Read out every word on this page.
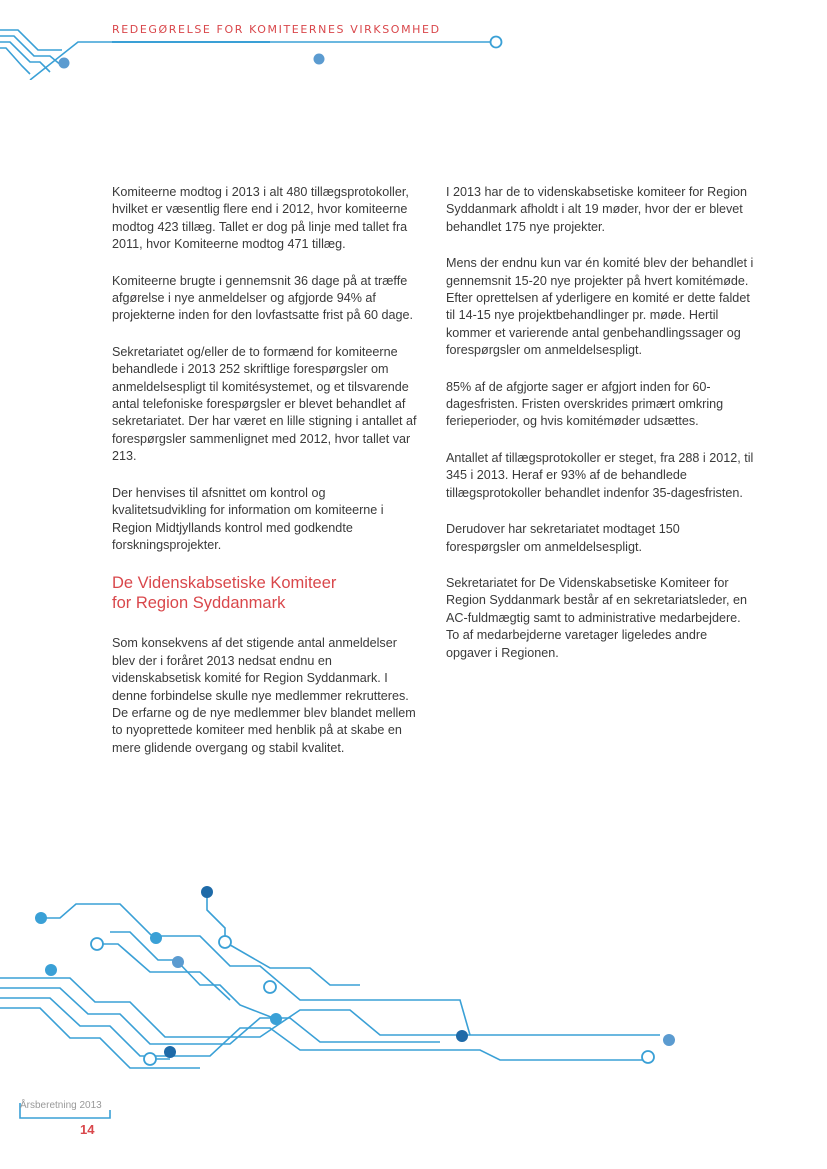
REDEGØRELSE FOR KOMITEERNES VIRKSOMHED

Komiteerne modtog i 2013 i alt 480 tillægsprotokoller, hvilket er væsentlig flere end i 2012, hvor komiteerne modtog 423 tillæg. Tallet er dog på linje med tallet fra 2011, hvor Komiteerne modtog 471 tillæg.

Komiteerne brugte i gennemsnit 36 dage på at træffe afgørelse i nye anmeldelser og afgjorde 94% af projekterne inden for den lovfastsatte frist på 60 dage.

Sekretariatet og/eller de to formænd for komiteerne behandlede i 2013 252 skriftlige forespørgsler om anmeldelsespligt til komitésystemet, og et tilsvarende antal telefoniske forespørgsler er blevet behandlet af sekretariatet. Der har været en lille stigning i antallet af forespørgsler sammenlignet med 2012, hvor tallet var 213.

Der henvises til afsnittet om kontrol og kvalitetsudvikling for information om komiteerne i Region Midtjyllands kontrol med godkendte forskningsprojekter.

De Videnskabsetiske Komiteer
for Region Syddanmark

Som konsekvens af det stigende antal anmeldelser blev der i foråret 2013 nedsat endnu en videnskabsetisk komité for Region Syddanmark. I denne forbindelse skulle nye medlemmer rekrutteres. De erfarne og de nye medlemmer blev blandet mellem to nyoprettede komiteer med henblik på at skabe en mere glidende overgang og stabil kvalitet.

I 2013 har de to videnskabsetiske komiteer for Region Syddanmark afholdt i alt 19 møder, hvor der er blevet behandlet 175 nye projekter.

Mens der endnu kun var én komité blev der behandlet i gennemsnit 15-20 nye projekter på hvert komitémøde. Efter oprettelsen af yderligere en komité er dette faldet til 14-15 nye projektbehandlinger pr. møde. Hertil kommer et varierende antal genbehandlingssager og forespørgsler om anmeldelsespligt.

85% af de afgjorte sager er afgjort inden for 60-dagesfristen. Fristen overskrides primært omkring ferieperioder, og hvis komitémøder udsættes.

Antallet af tillægsprotokoller er steget, fra 288 i 2012, til 345 i 2013. Heraf er 93% af de behandlede tillægsprotokoller behandlet indenfor 35-dagesfristen.

Derudover har sekretariatet modtaget 150 forespørgsler om anmeldelsespligt.

Sekretariatet for De Videnskabsetiske Komiteer for Region Syddanmark består af en sekretariatsleder, en AC-fuldmægtig samt to administrative medarbejdere. To af medarbejderne varetager ligeledes andre opgaver i Regionen.

Årsberetning 2013
14
